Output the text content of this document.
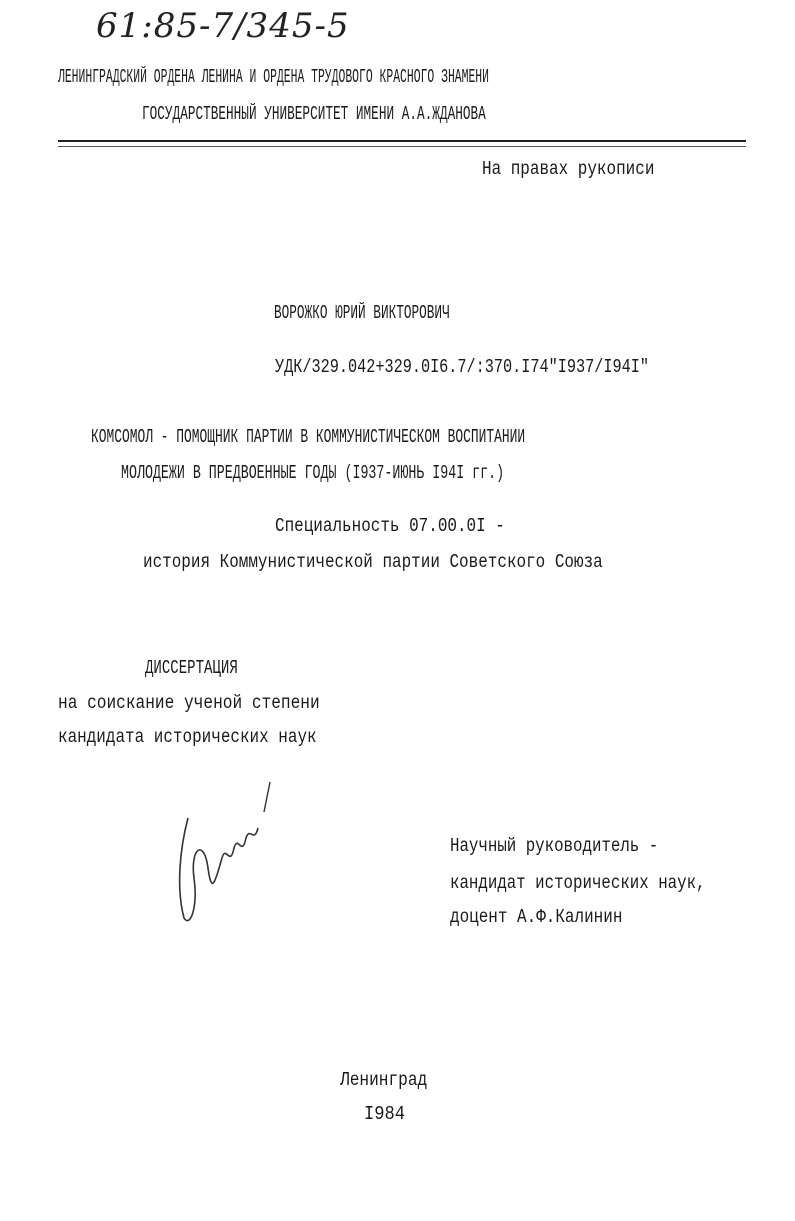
61:85-7/345-5
ЛЕНИНГРАДСКИЙ ОРДЕНА ЛЕНИНА И ОРДЕНА ТРУДОВОГО КРАСНОГО ЗНАМЕНИ
ГОСУДАРСТВЕННЫЙ УНИВЕРСИТЕТ ИМЕНИ А.А.ЖДАНОВА
На правах рукописи
ВОРОЖКО ЮРИЙ ВИКТОРОВИЧ
УДК/329.042+329.0I6.7/:370.I74"I937/I94I"
КОМСОМОЛ - ПОМОЩНИК ПАРТИИ В КОММУНИСТИЧЕСКОМ ВОСПИТАНИИ
МОЛОДЕЖИ В ПРЕДВОЕННЫЕ ГОДЫ (I937-ИЮНЬ I94I гг.)
Специальность 07.00.0I -
история Коммунистической партии Советского Союза
ДИССЕРТАЦИЯ
на соискание ученой степени
кандидата исторических наук
Научный руководитель -
кандидат исторических наук,
доцент А.Ф.Калинин
Ленинград
I984
